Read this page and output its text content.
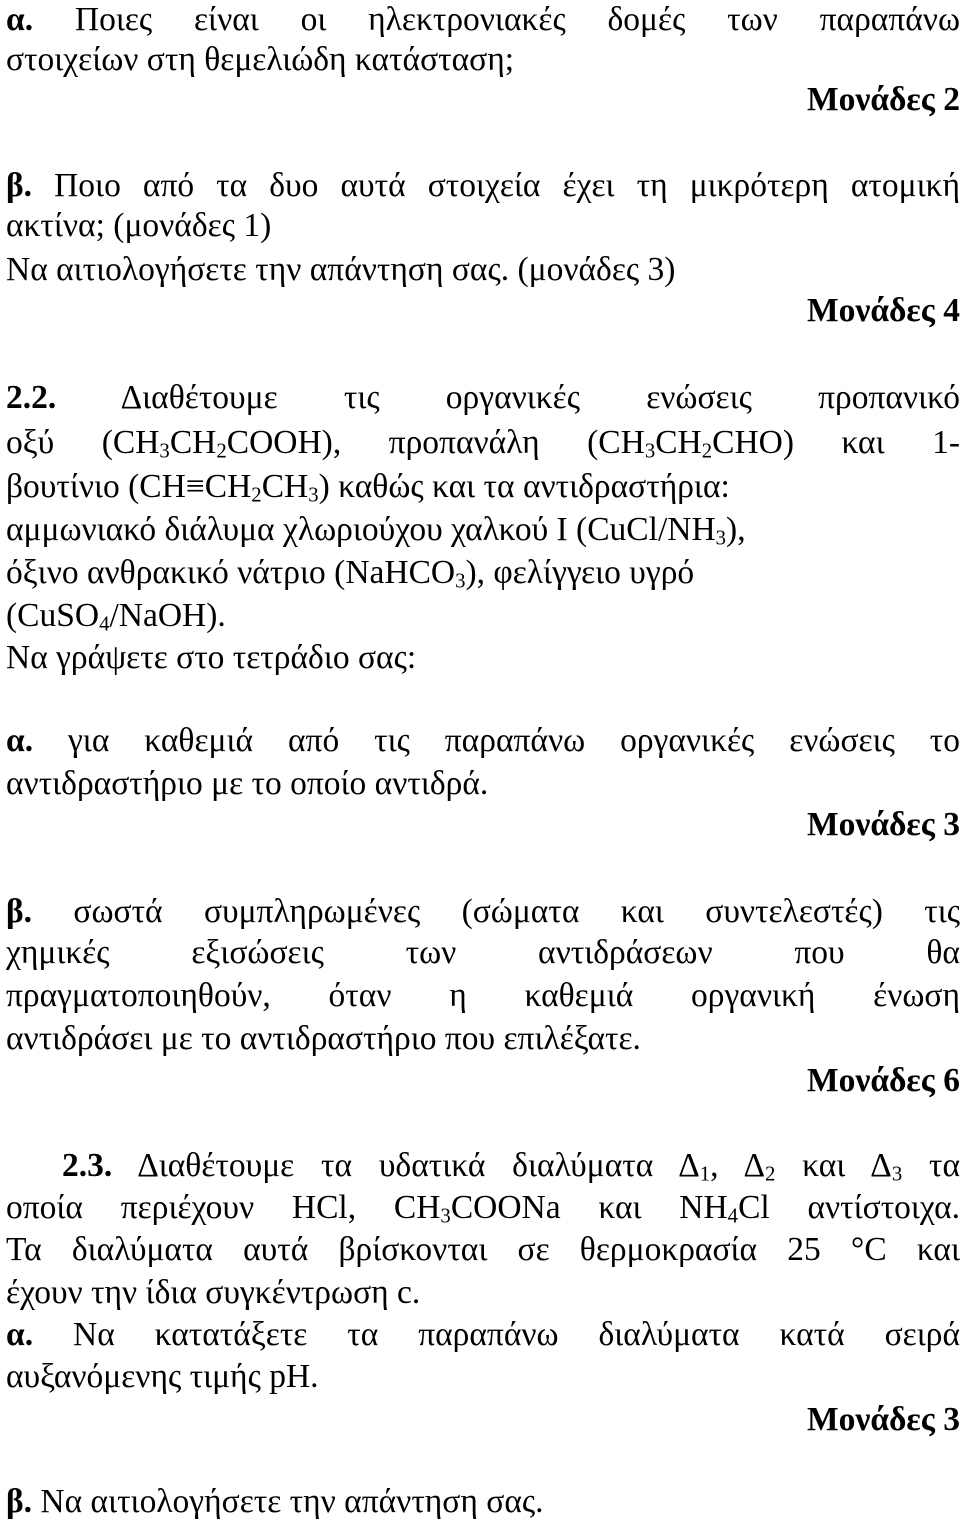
α. Ποιες είναι οι ηλεκτρονιακές δομές των παραπάνω
στοιχείων στη θεμελιώδη κατάσταση;
Μονάδες 2
β. Ποιο από τα δυο αυτά στοιχεία έχει τη μικρότερη ατομική
ακτίνα; (μονάδες 1)
Να αιτιολογήσετε την απάντηση σας. (μονάδες 3)
Μονάδες 4
2.2. Διαθέτουμε τις οργανικές ενώσεις προπανικό
οξύ $(CH_3CH_2COOH)$, προπανάλη $(CH_3CH_2CHO)$ και 1-
βουτίνιο $(CH\equiv CH_2CH_3)$ καθώς και τα αντιδραστήρια:
αμμωνιακό διάλυμα χλωριούχου χαλκού Ι $(CuCl/NH_3)$,
όξινο ανθρακικό νάτριο (NaHCO$_3$), φελίγγειο υγρό
(CuSO$_4$/NaOH).
Να γράψετε στο τετράδιο σας:
α. για καθεμιά από τις παραπάνω οργανικές ενώσεις το
αντιδραστήριο με το οποίο αντιδρά.
Μονάδες 3
β. σωστά συμπληρωμένες (σώματα και συντελεστές) τις
χημικές εξισώσεις των αντιδράσεων που θα
πραγματοποιηθούν, όταν η καθεμιά οργανική ένωση
αντιδράσει με το αντιδραστήριο που επιλέξατε.
Μονάδες 6
2.3. Διαθέτουμε τα υδατικά διαλύματα $\Delta_1$, $\Delta_2$ και $\Delta_3$ τα
οποία περιέχουν HCl, $CH_3COONa$ και $NH_4Cl$ αντίστοιχα.
Τα διαλύματα αυτά βρίσκονται σε θερμοκρασία 25 °C και
έχουν την ίδια συγκέντρωση c.
α. Να κατατάξετε τα παραπάνω διαλύματα κατά σειρά
αυξανόμενης τιμής pH.
Μονάδες 3
β. Να αιτιολογήσετε την απάντηση σας.
